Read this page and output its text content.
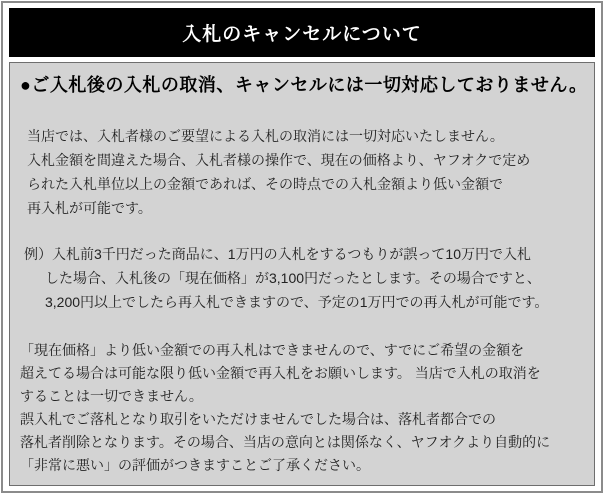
入札のキャンセルについて
●ご入札後の入札の取消、キャンセルには一切対応しておりません。
当店では、入札者様のご要望による入札の取消には一切対応いたしません。
入札金額を間違えた場合、入札者様の操作で、現在の価格より、ヤフオクで定め
られた入札単位以上の金額であれば、その時点での入札金額より低い金額で
再入札が可能です。
例）入札前3千円だった商品に、1万円の入札をするつもりが誤って10万円で入札
した場合、入札後の「現在価格」が3,100円だったとします。その場合ですと、
3,200円以上でしたら再入札できますので、予定の1万円での再入札が可能です。
「現在価格」より低い金額での再入札はできませんので、すでにご希望の金額を
超えてる場合は可能な限り低い金額で再入札をお願いします。 当店で入札の取消を
することは一切できません。
誤入札でご落札となり取引をいただけませんでした場合は、落札者都合での
落札者削除となります。その場合、当店の意向とは関係なく、ヤフオクより自動的に
「非常に悪い」の評価がつきますことご了承ください。
